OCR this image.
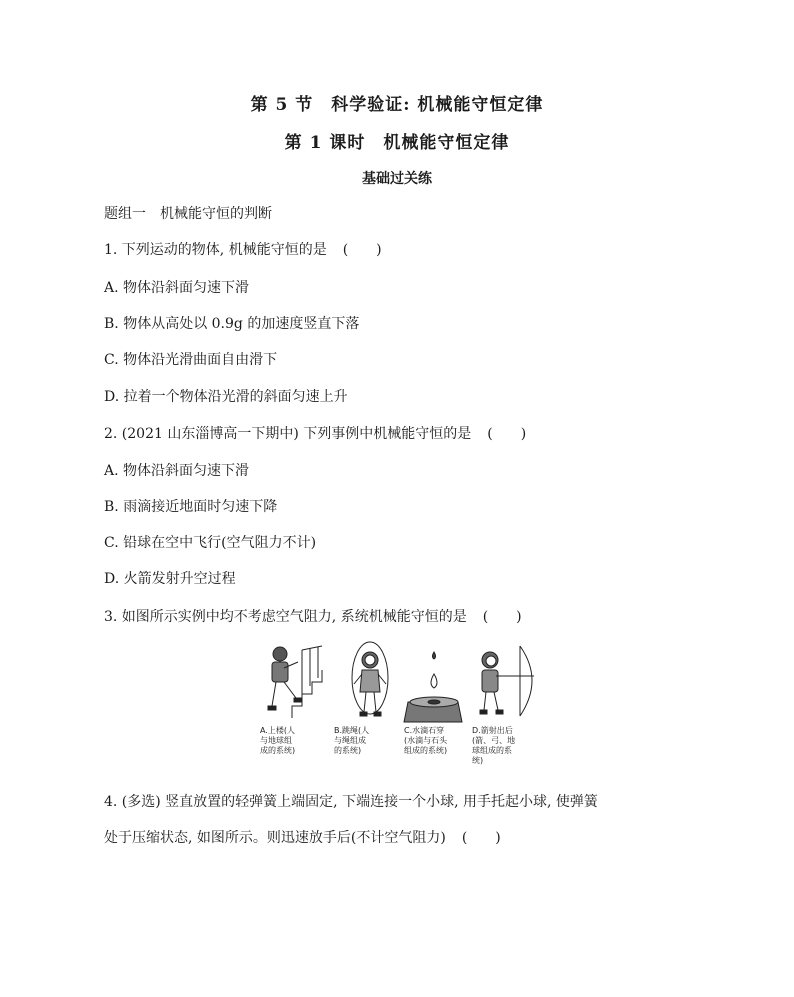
第 5 节　科学验证: 机械能守恒定律
第 1 课时　机械能守恒定律
基础过关练
题组一　机械能守恒的判断
1. 下列运动的物体, 机械能守恒的是 (　　)
A. 物体沿斜面匀速下滑
B. 物体从高处以 0.9g 的加速度竖直下落
C. 物体沿光滑曲面自由滑下
D. 拉着一个物体沿光滑的斜面匀速上升
2. (2021 山东淄博高一下期中) 下列事例中机械能守恒的是 (　　)
A. 物体沿斜面匀速下滑
B. 雨滴接近地面时匀速下降
C. 铅球在空中飞行(空气阻力不计)
D. 火箭发射升空过程
3. 如图所示实例中均不考虑空气阻力, 系统机械能守恒的是 (　　)
A.上楼(人
与地球组
成的系统)
B.跳绳(人
与绳组成
的系统)
C.水滴石穿
(水滴与石头
组成的系统)
D.箭射出后
(箭、弓、地
球组成的系
统)
4. (多选) 竖直放置的轻弹簧上端固定, 下端连接一个小球, 用手托起小球, 使弹簧
处于压缩状态, 如图所示。则迅速放手后(不计空气阻力) (　　)
